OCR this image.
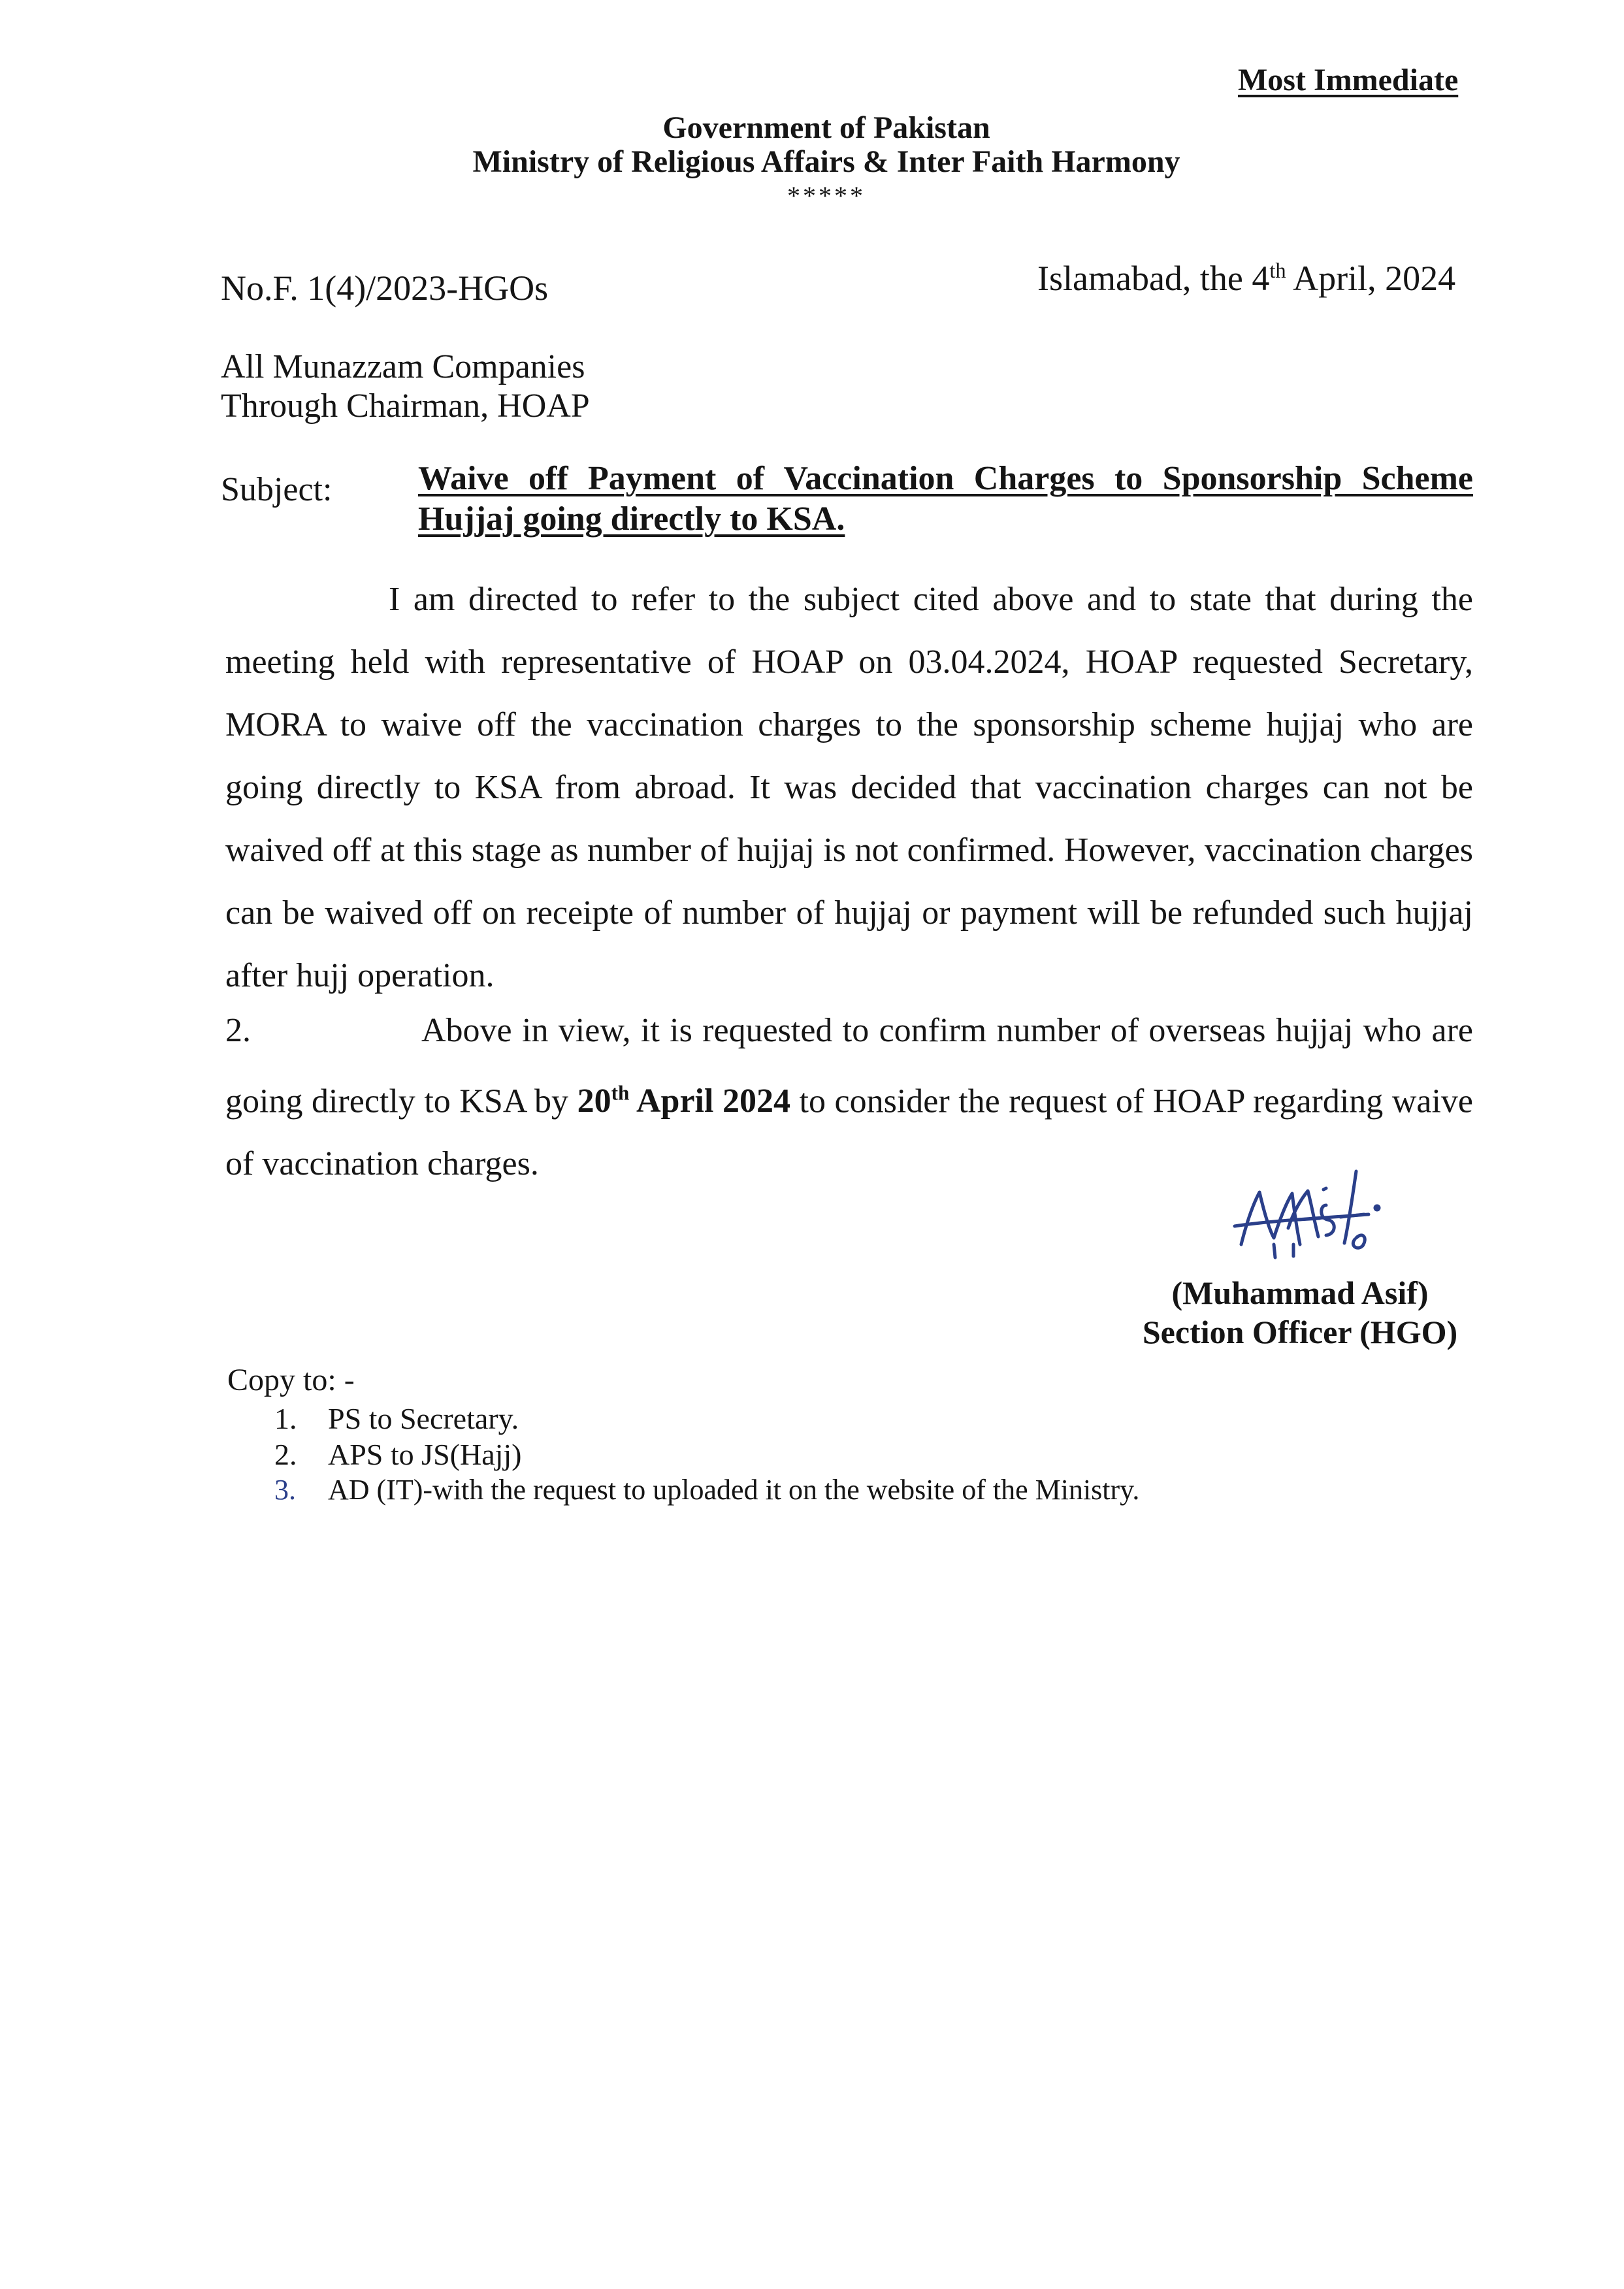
Most Immediate
Government of Pakistan
Ministry of Religious Affairs & Inter Faith Harmony
*****
No.F. 1(4)/2023-HGOs	Islamabad, the 4th April, 2024
All Munazzam Companies
Through Chairman, HOAP
Subject:	Waive off Payment of Vaccination Charges to Sponsorship Scheme Hujjaj going directly to KSA.
I am directed to refer to the subject cited above and to state that during the meeting held with representative of HOAP on 03.04.2024, HOAP requested Secretary, MORA to waive off the vaccination charges to the sponsorship scheme hujjaj who are going directly to KSA from abroad. It was decided that vaccination charges can not be waived off at this stage as number of hujjaj is not confirmed. However, vaccination charges can be waived off on receipte of number of hujjaj or payment will be refunded such hujjaj after hujj operation.
2.	Above in view, it is requested to confirm number of overseas hujjaj who are going directly to KSA by 20th April 2024 to consider the request of HOAP regarding waive of vaccination charges.
(Muhammad Asif)
Section Officer (HGO)
Copy to: -
1. PS to Secretary.
2. APS to JS(Hajj)
3. AD (IT)-with the request to uploaded it on the website of the Ministry.
